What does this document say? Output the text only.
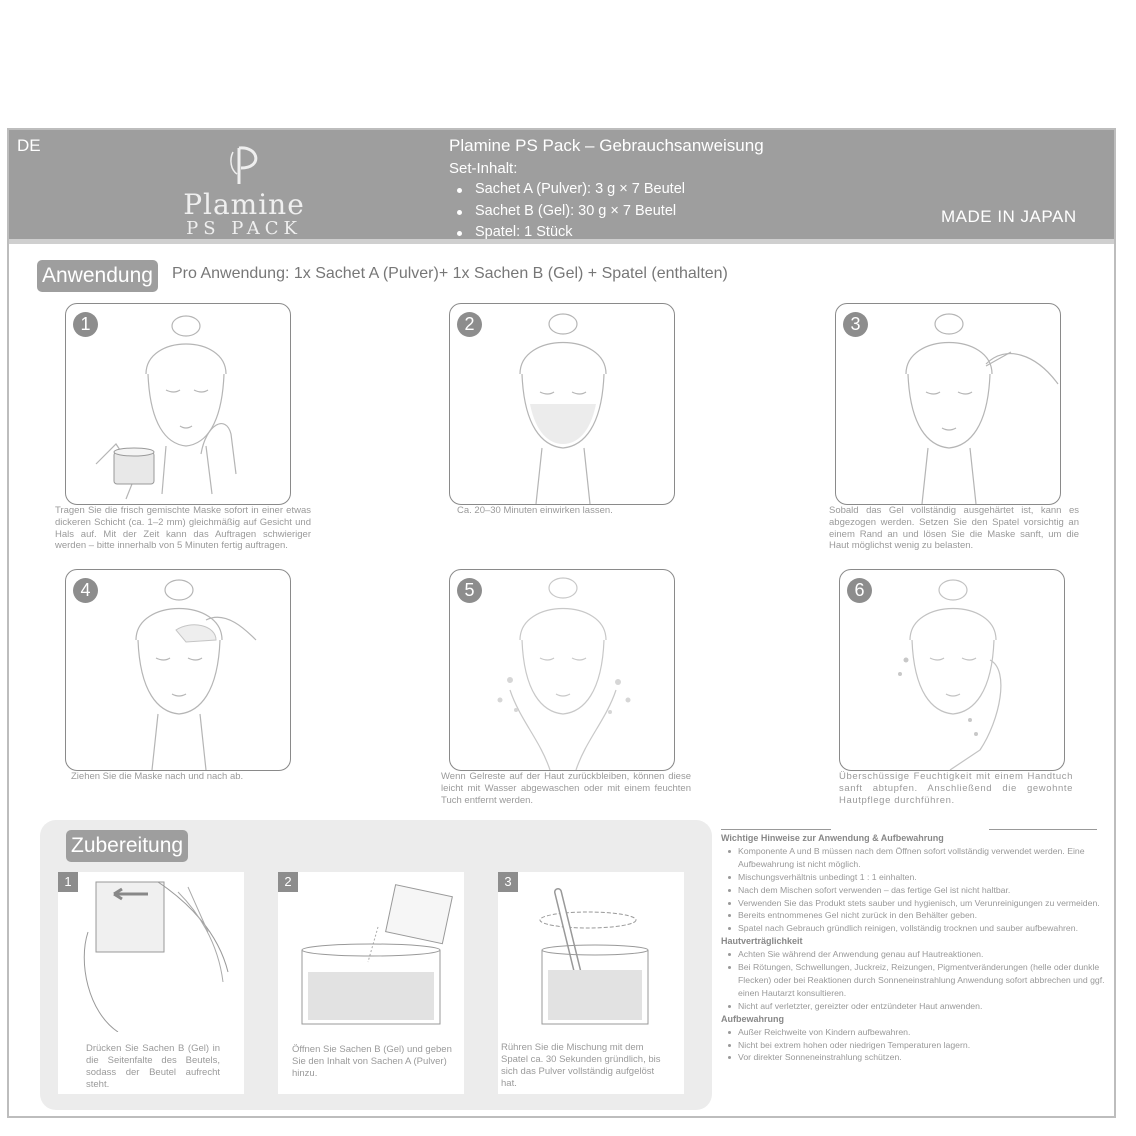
DE
Plamine
PS PACK
Plamine PS Pack – Gebrauchsanweisung
Set-Inhalt:
Sachet A (Pulver): 3 g × 7 Beutel
Sachet B (Gel): 30 g × 7 Beutel
Spatel: 1 Stück
MADE IN JAPAN
Anwendung	Pro Anwendung: 1x Sachet A (Pulver)+ 1x Sachen B (Gel) + Spatel (enthalten)
1
Tragen Sie die frisch gemischte Maske sofort in einer etwas dickeren Schicht (ca. 1–2 mm) gleichmäßig auf Gesicht und Hals auf. Mit der Zeit kann das Auftragen schwieriger werden – bitte innerhalb von 5 Minuten fertig auftragen.
2
Ca. 20–30 Minuten einwirken lassen.
3
Sobald das Gel vollständig ausgehärtet ist, kann es abgezogen werden. Setzen Sie den Spatel vorsichtig an einem Rand an und lösen Sie die Maske sanft, um die Haut möglichst wenig zu belasten.
4
Ziehen Sie die Maske nach und nach ab.
5
Wenn Gelreste auf der Haut zurückbleiben, können diese leicht mit Wasser abgewaschen oder mit einem feuchten Tuch entfernt werden.
6
Überschüssige Feuchtigkeit mit einem Handtuch sanft abtupfen. Anschließend die gewohnte Hautpflege durchführen.
Zubereitung
1
Drücken Sie Sachen B (Gel) in die Seitenfalte des Beutels, sodass der Beutel aufrecht steht.
2
Öffnen Sie Sachen B (Gel) und geben Sie den Inhalt von Sachen A (Pulver) hinzu.
3
Rühren Sie die Mischung mit dem Spatel ca. 30 Sekunden gründlich, bis sich das Pulver vollständig aufgelöst hat.
Wichtige Hinweise zur Anwendung & Aufbewahrung
Komponente A und B müssen nach dem Öffnen sofort vollständig verwendet werden. Eine Aufbewahrung ist nicht möglich.
Mischungsverhältnis unbedingt 1 : 1 einhalten.
Nach dem Mischen sofort verwenden – das fertige Gel ist nicht haltbar.
Verwenden Sie das Produkt stets sauber und hygienisch, um Verunreinigungen zu vermeiden.
Bereits entnommenes Gel nicht zurück in den Behälter geben.
Spatel nach Gebrauch gründlich reinigen, vollständig trocknen und sauber aufbewahren.
Hautverträglichkeit
Achten Sie während der Anwendung genau auf Hautreaktionen.
Bei Rötungen, Schwellungen, Juckreiz, Reizungen, Pigmentveränderungen (helle oder dunkle Flecken) oder bei Reaktionen durch Sonneneinstrahlung Anwendung sofort abbrechen und ggf. einen Hautarzt konsultieren.
Nicht auf verletzter, gereizter oder entzündeter Haut anwenden.
Aufbewahrung
Außer Reichweite von Kindern aufbewahren.
Nicht bei extrem hohen oder niedrigen Temperaturen lagern.
Vor direkter Sonneneinstrahlung schützen.
